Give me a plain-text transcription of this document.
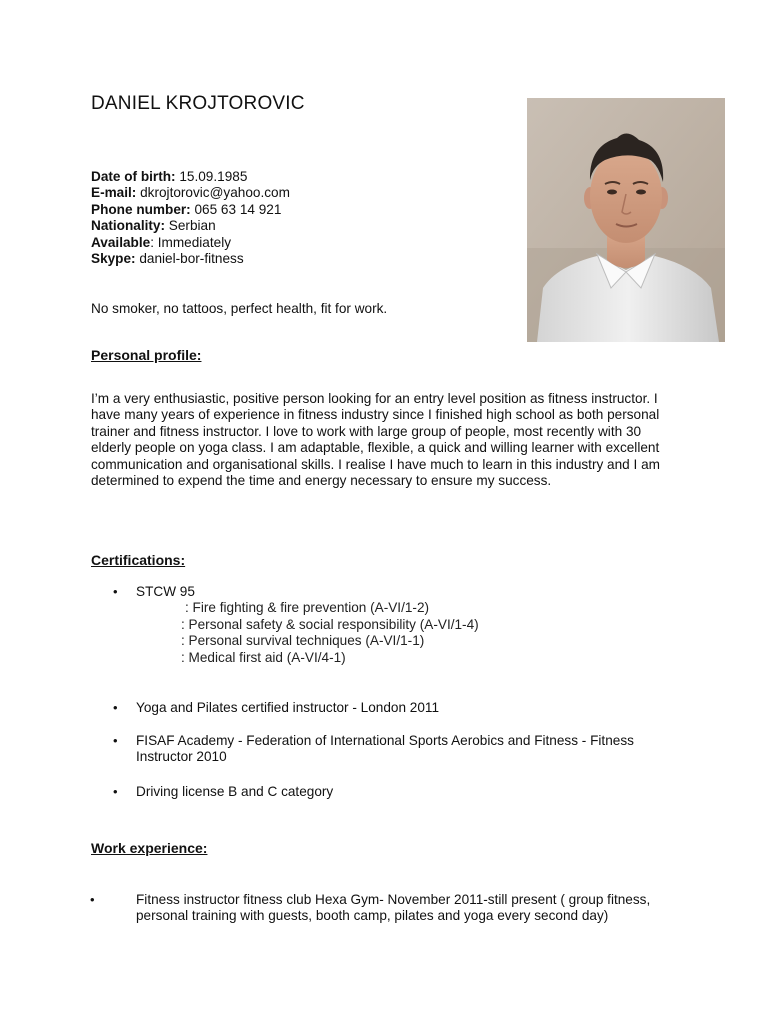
DANIEL KROJTOROVIC
Date of birth: 15.09.1985
E-mail: dkrojtorovic@yahoo.com
Phone number: 065 63 14 921
Nationality: Serbian
Available: Immediately
Skype: daniel-bor-fitness

No smoker, no tattoos, perfect health, fit for work.

Personal profile:

I’m a very enthusiastic, positive person looking for an entry level position as fitness instructor. I have many years of experience in fitness industry since I finished high school as both personal trainer and fitness instructor. I love to work with large group of people, most recently with 30 elderly people on yoga class. I am adaptable, flexible, a quick and willing learner with excellent communication and organisational skills. I realise I have much to learn in this industry and I am determined to expend the time and energy necessary to ensure my success.

Certifications:
• STCW 95
: Fire fighting & fire prevention (A-VI/1-2)
: Personal safety & social responsibility (A-VI/1-4)
: Personal survival techniques (A-VI/1-1)
: Medical first aid (A-VI/4-1)
• Yoga and Pilates certified instructor - London 2011
• FISAF Academy - Federation of International Sports Aerobics and Fitness - Fitness Instructor 2010
• Driving license B and C category
Work experience:
•	Fitness instructor fitness club Hexa Gym- November 2011-still present ( group fitness, personal training with guests, booth camp, pilates and yoga every second day)
